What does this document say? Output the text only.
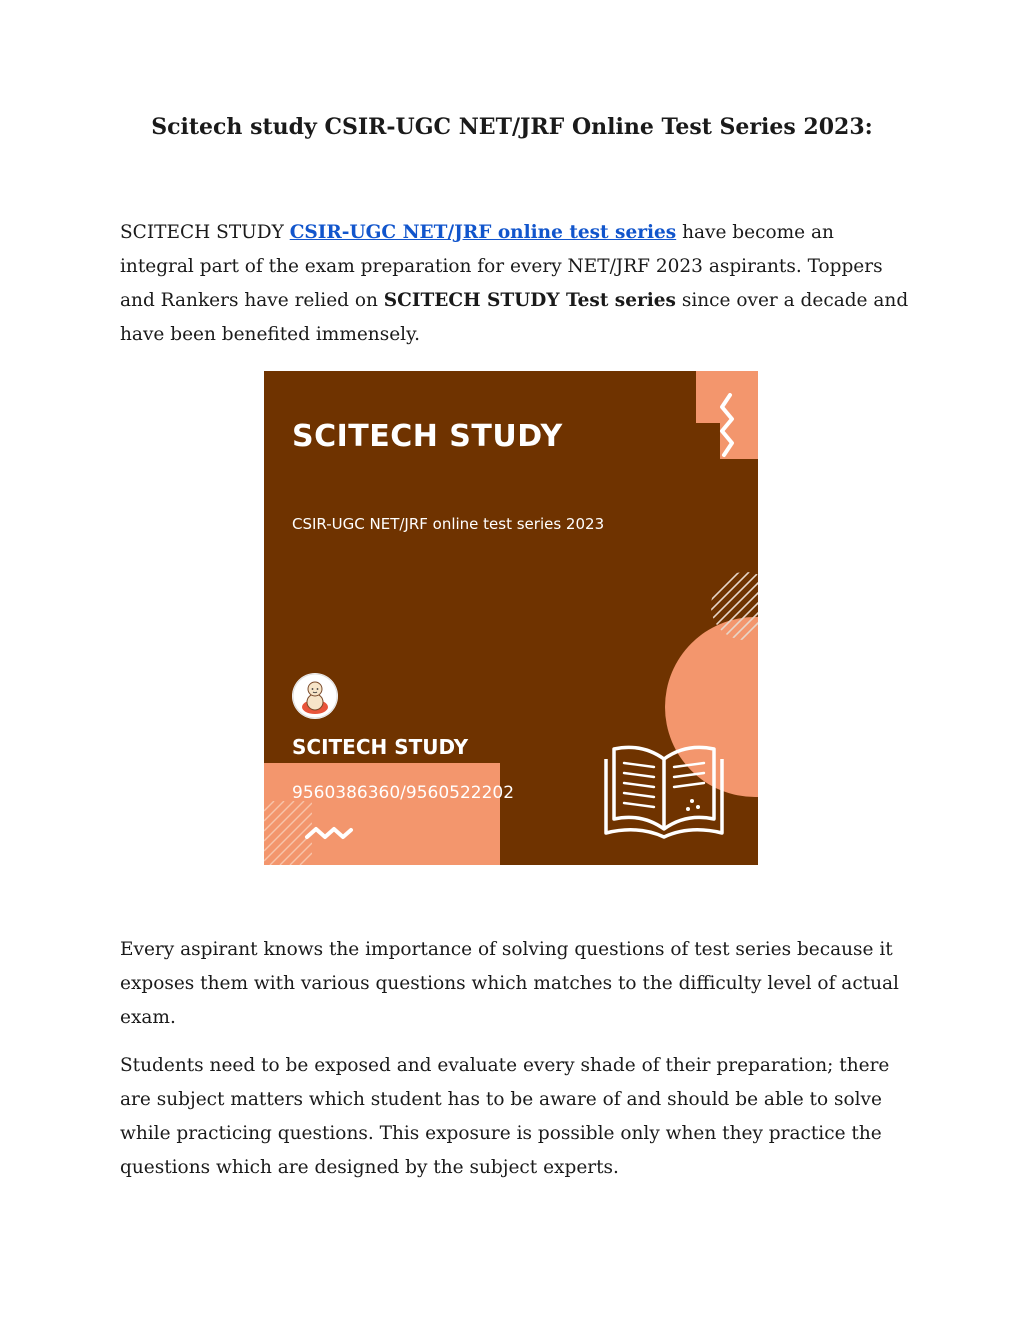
Scitech study CSIR-UGC NET/JRF Online Test Series 2023:

SCITECH STUDY CSIR-UGC NET/JRF online test series have become an integral part of the exam preparation for every NET/JRF 2023 aspirants. Toppers and Rankers have relied on SCITECH STUDY Test series since over a decade and have been benefited immensely.

SCITECH STUDY

CSIR-UGC NET/JRF online test series 2023

SCITECH STUDY

9560386360/9560522202

Every aspirant knows the importance of solving questions of test series because it exposes them with various questions which matches to the difficulty level of actual exam.

Students need to be exposed and evaluate every shade of their preparation; there are subject matters which student has to be aware of and should be able to solve while practicing questions. This exposure is possible only when they practice the questions which are designed by the subject experts.
